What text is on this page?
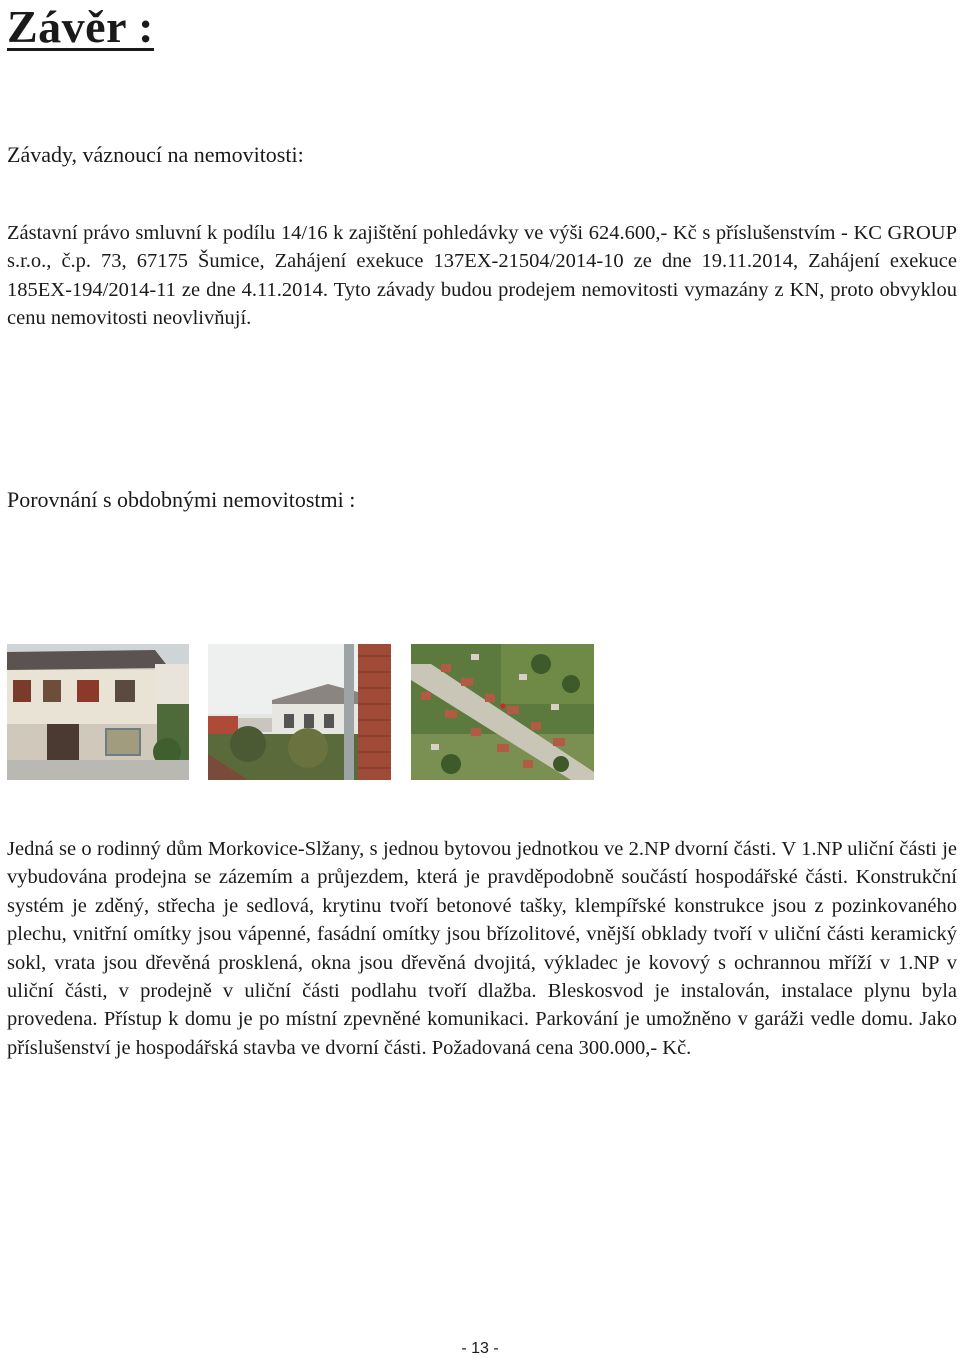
Závěr :

Závady, váznoucí na nemovitosti:

Zástavní právo smluvní k podílu 14/16 k zajištění pohledávky ve výši 624.600,- Kč s příslušenstvím - KC GROUP s.r.o., č.p. 73, 67175 Šumice, Zahájení exekuce 137EX-21504/2014-10 ze dne 19.11.2014, Zahájení exekuce 185EX-194/2014-11 ze dne 4.11.2014. Tyto závady budou prodejem nemovitosti vymazány z KN, proto obvyklou cenu nemovitosti neovlivňují.

Porovnání s obdobnými nemovitostmi :

Jedná se o rodinný dům Morkovice-Slžany, s jednou bytovou jednotkou ve 2.NP dvorní části. V 1.NP uliční části je vybudována prodejna se zázemím a průjezdem, která je pravděpodobně součástí hospodářské části. Konstrukční systém je zděný, střecha je sedlová, krytinu tvoří betonové tašky, klempířské konstrukce jsou z pozinkovaného plechu, vnitřní omítky jsou vápenné, fasádní omítky jsou břízolitové, vnější obklady tvoří v uliční části keramický sokl, vrata jsou dřevěná prosklená, okna jsou dřevěná dvojitá, výkladec je kovový s ochrannou mříží v 1.NP v uliční části, v prodejně v uliční části podlahu tvoří dlažba. Bleskosvod je instalován, instalace plynu byla provedena. Přístup k domu je po místní zpevněné komunikaci. Parkování je umožněno v garáži vedle domu. Jako příslušenství je hospodářská stavba ve dvorní části. Požadovaná cena 300.000,- Kč.

- 13 -
